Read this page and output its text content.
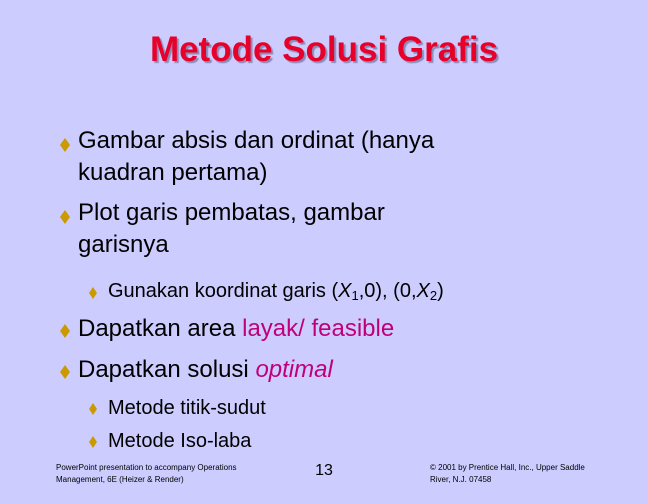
Metode Solusi Grafis
Gambar absis dan ordinat (hanya
kuadran pertama)
Plot garis pembatas, gambar
garisnya
Gunakan koordinat garis $(X_1,0)$, $(0,X_2)$
Dapatkan area layak/ feasible
Dapatkan solusi optimal
Metode titik-sudut
Metode Iso-laba
PowerPoint presentation to accompany Operations
Management, 6E (Heizer & Render)
13	© 2001 by Prentice Hall, Inc., Upper Saddle
River, N.J. 07458
